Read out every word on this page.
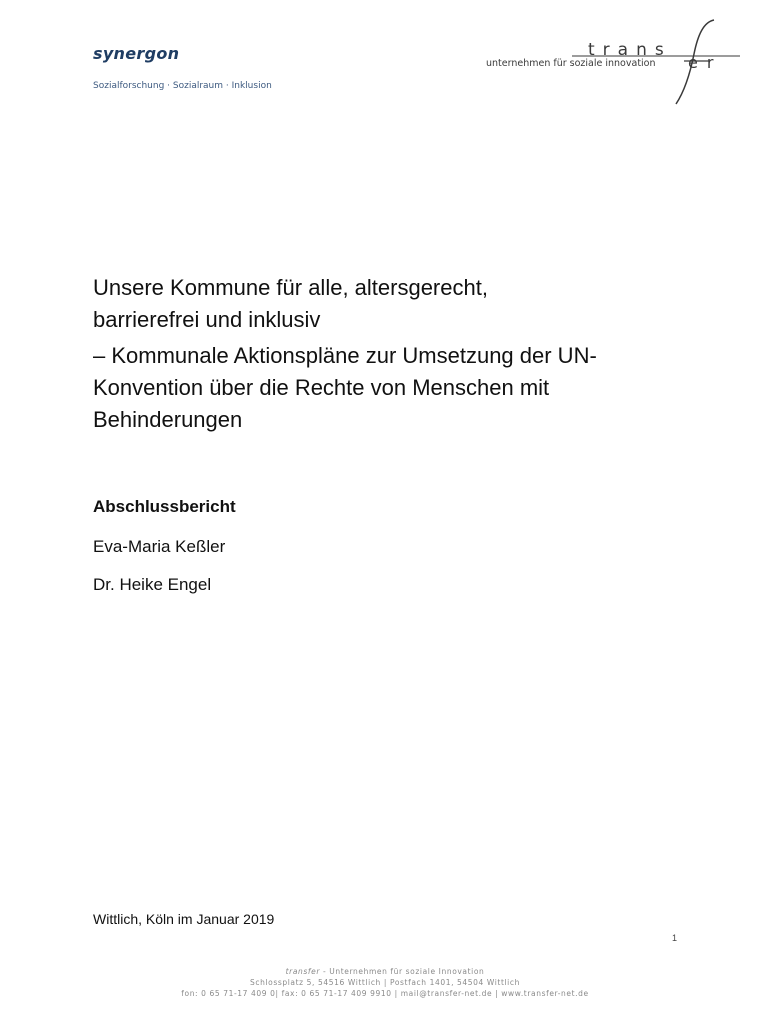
synergon
Sozialforschung · Sozialraum · Inklusion
trans
unternehmen für soziale innovation er

Unsere Kommune für alle, altersgerecht,

barrierefrei und inklusiv

– Kommunale Aktionspläne zur Umsetzung der UN-Konvention über die Rechte von Menschen mit Behinderungen

Abschlussbericht
Eva-Maria Keßler
Dr. Heike Engel
Wittlich, Köln im Januar 2019
1
transfer - Unternehmen für soziale Innovation
Schlossplatz 5, 54516 Wittlich | Postfach 1401, 54504 Wittlich
fon: 0 65 71-17 409 0| fax: 0 65 71-17 409 9910 | mail@transfer-net.de | www.transfer-net.de
